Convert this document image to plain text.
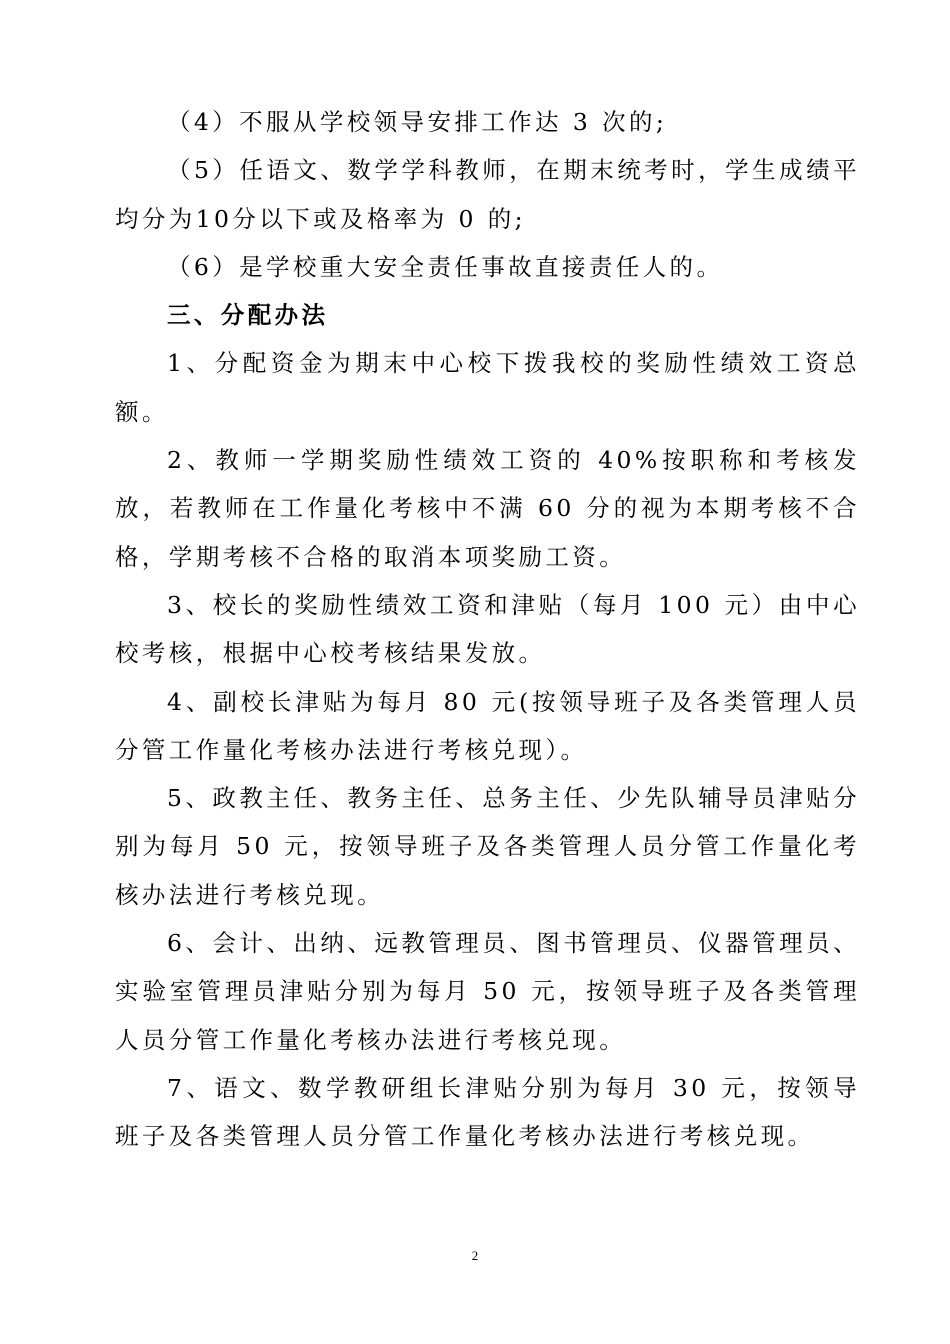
（4）不服从学校领导安排工作达 3 次的;

（5）任语文、数学学科教师，在期末统考时，学生成绩平均分为10分以下或及格率为 0 的;

（6）是学校重大安全责任事故直接责任人的。

三、分配办法

1、分配资金为期末中心校下拨我校的奖励性绩效工资总额。

2、教师一学期奖励性绩效工资的 40%按职称和考核发放，若教师在工作量化考核中不满 60 分的视为本期考核不合格，学期考核不合格的取消本项奖励工资。

3、校长的奖励性绩效工资和津贴（每月 100 元）由中心校考核，根据中心校考核结果发放。

4、副校长津贴为每月 80 元(按领导班子及各类管理人员分管工作量化考核办法进行考核兑现）。

5、政教主任、教务主任、总务主任、少先队辅导员津贴分别为每月 50 元，按领导班子及各类管理人员分管工作量化考核办法进行考核兑现。

6、会计、出纳、远教管理员、图书管理员、仪器管理员、实验室管理员津贴分别为每月 50 元，按领导班子及各类管理人员分管工作量化考核办法进行考核兑现。

7、语文、数学教研组长津贴分别为每月 30 元，按领导班子及各类管理人员分管工作量化考核办法进行考核兑现。

2
